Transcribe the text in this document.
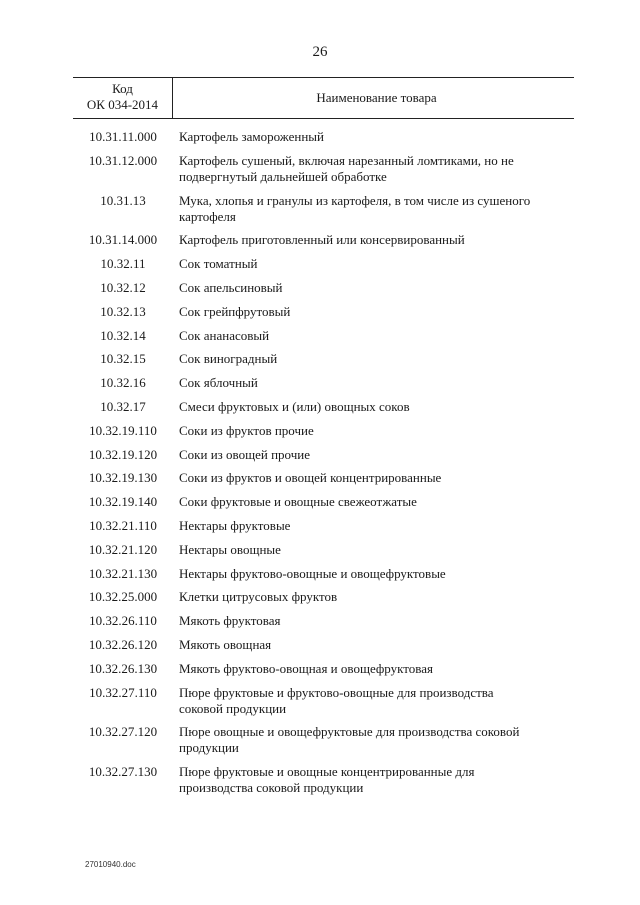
26
Код
ОК 034-2014	Наименование товара
10.31.11.000	Картофель замороженный
10.31.12.000	Картофель сушеный, включая нарезанный ломтиками, но не подвергнутый дальнейшей обработке
10.31.13	Мука, хлопья и гранулы из картофеля, в том числе из сушеного картофеля
10.31.14.000	Картофель приготовленный или консервированный
10.32.11	Сок томатный
10.32.12	Сок апельсиновый
10.32.13	Сок грейпфрутовый
10.32.14	Сок ананасовый
10.32.15	Сок виноградный
10.32.16	Сок яблочный
10.32.17	Смеси фруктовых и (или) овощных соков
10.32.19.110	Соки из фруктов прочие
10.32.19.120	Соки из овощей прочие
10.32.19.130	Соки из фруктов и овощей концентрированные
10.32.19.140	Соки фруктовые и овощные свежеотжатые
10.32.21.110	Нектары фруктовые
10.32.21.120	Нектары овощные
10.32.21.130	Нектары фруктово-овощные и овощефруктовые
10.32.25.000	Клетки цитрусовых фруктов
10.32.26.110	Мякоть фруктовая
10.32.26.120	Мякоть овощная
10.32.26.130	Мякоть фруктово-овощная и овощефруктовая
10.32.27.110	Пюре фруктовые и фруктово-овощные для производства соковой продукции
10.32.27.120	Пюре овощные и овощефруктовые для производства соковой продукции
10.32.27.130	Пюре фруктовые и овощные концентрированные для производства соковой продукции
27010940.doc
